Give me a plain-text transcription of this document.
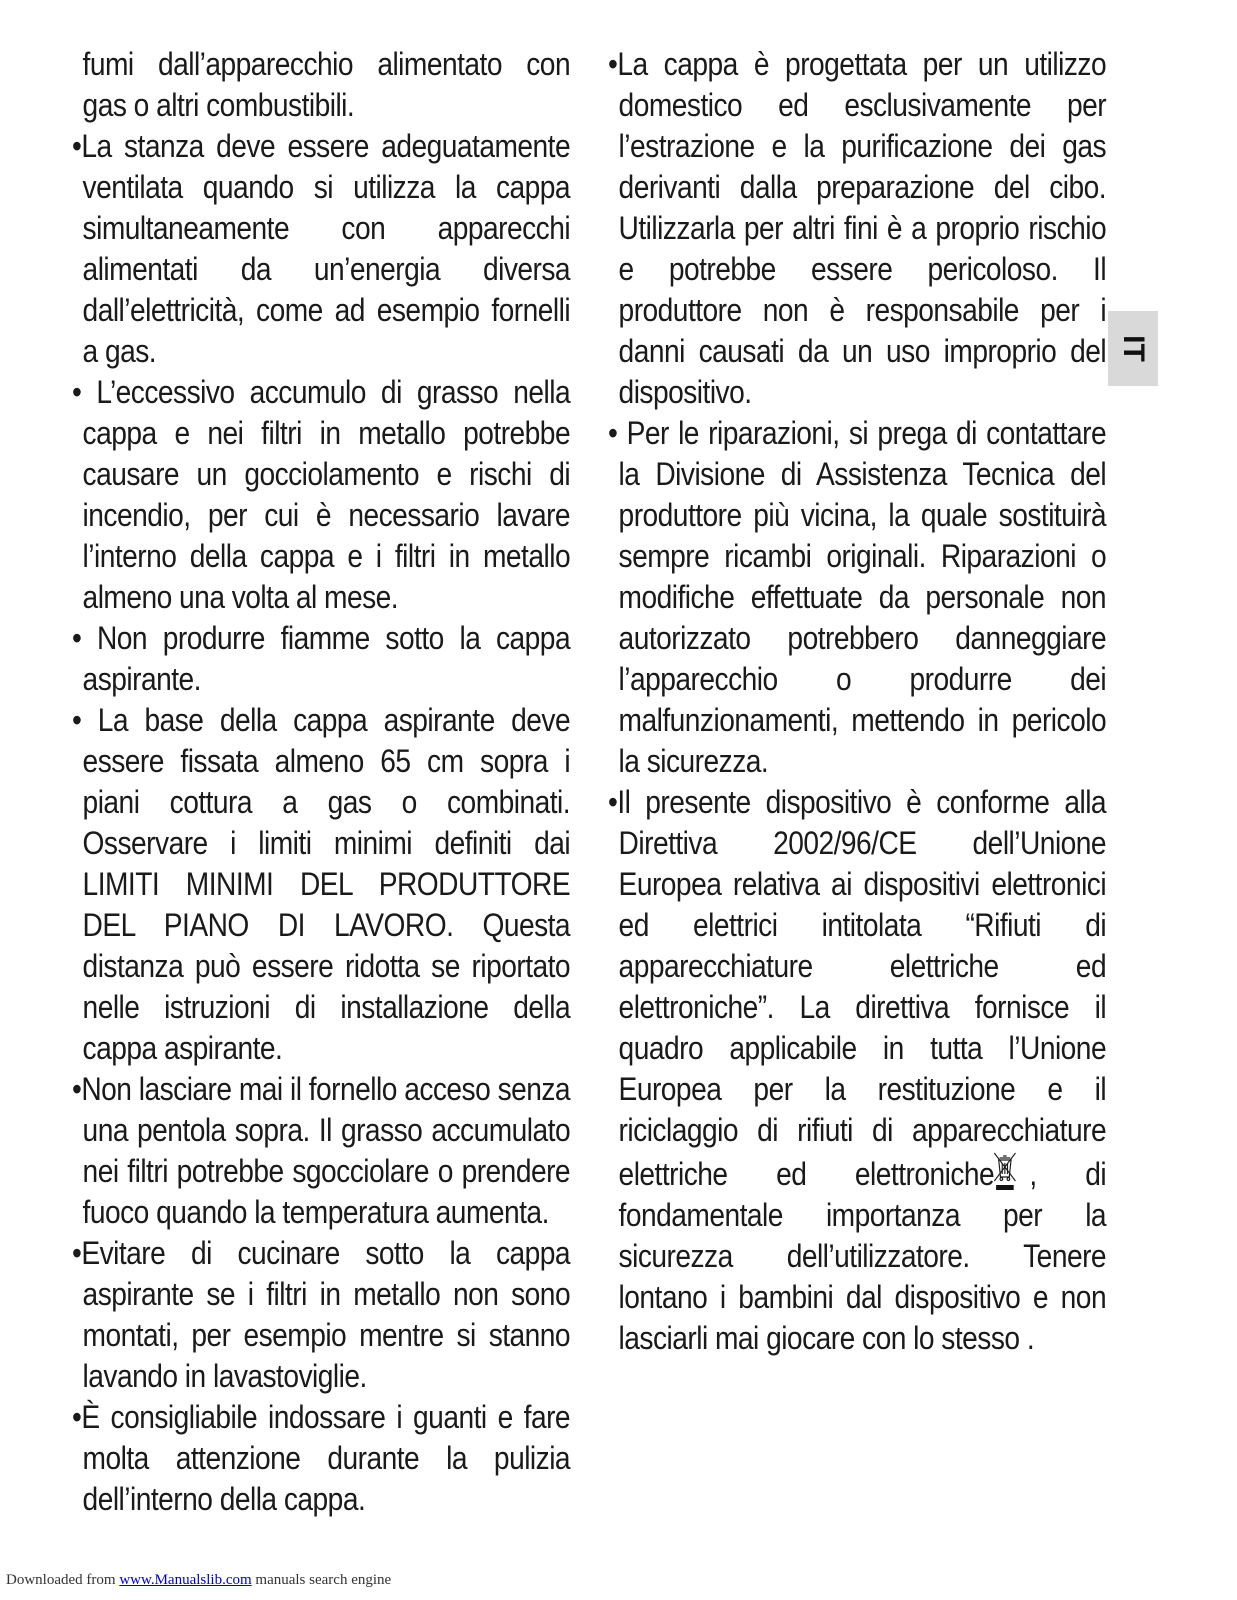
fumi dall’apparecchio alimentato con gas o altri combustibili.

•La stanza deve essere adeguatamente ventilata quando si utilizza la cappa simultaneamente con apparecchi alimentati da un’energia diversa dall’elettricità, come ad esempio fornelli a gas.

• L’eccessivo accumulo di grasso nella cappa e nei filtri in metallo potrebbe causare un gocciolamento e rischi di incendio, per cui è necessario lavare l’interno della cappa e i filtri in metallo almeno una volta al mese.

• Non produrre fiamme sotto la cappa aspirante.

• La base della cappa aspirante deve essere fissata almeno 65 cm sopra i piani cottura a gas o combinati. Osservare i limiti minimi definiti dai LIMITI MINIMI DEL PRODUTTORE DEL PIANO DI LAVORO. Questa distanza può essere ridotta se riportato nelle istruzioni di installazione della cappa aspirante.

•Non lasciare mai il fornello acceso senza una pentola sopra. Il grasso accumulato nei filtri potrebbe sgocciolare o prendere fuoco quando la temperatura aumenta.

•Evitare di cucinare sotto la cappa aspirante se i filtri in metallo non sono montati, per esempio mentre si stanno lavando in lavastoviglie.

•È consigliabile indossare i guanti e fare molta attenzione durante la pulizia dell’interno della cappa.

•La cappa è progettata per un utilizzo domestico ed esclusivamente per l’estrazione e la purificazione dei gas derivanti dalla preparazione del cibo. Utilizzarla per altri fini è a proprio rischio e potrebbe essere pericoloso. Il produttore non è responsabile per i danni causati da un uso improprio del dispositivo.

• Per le riparazioni, si prega di contattare la Divisione di Assistenza Tecnica del produttore più vicina, la quale sostituirà sempre ricambi originali. Riparazioni o modifiche effettuate da personale non autorizzato potrebbero danneggiare l’apparecchio o produrre dei malfunzionamenti, mettendo in pericolo la sicurezza.

•Il presente dispositivo è conforme alla Direttiva 2002/96/CE dell’Unione Europea relativa ai dispositivi elettronici ed elettrici intitolata “Rifiuti di apparecchiature elettriche ed elettroniche”. La direttiva fornisce il quadro applicabile in tutta l’Unione Europea per la restituzione e il riciclaggio di rifiuti di apparecchiature elettriche ed elettroniche , di fondamentale importanza per la sicurezza dell’utilizzatore. Tenere lontano i bambini dal dispositivo e non lasciarli mai giocare con lo stesso .

IT
Downloaded from www.Manualslib.com manuals search engine
